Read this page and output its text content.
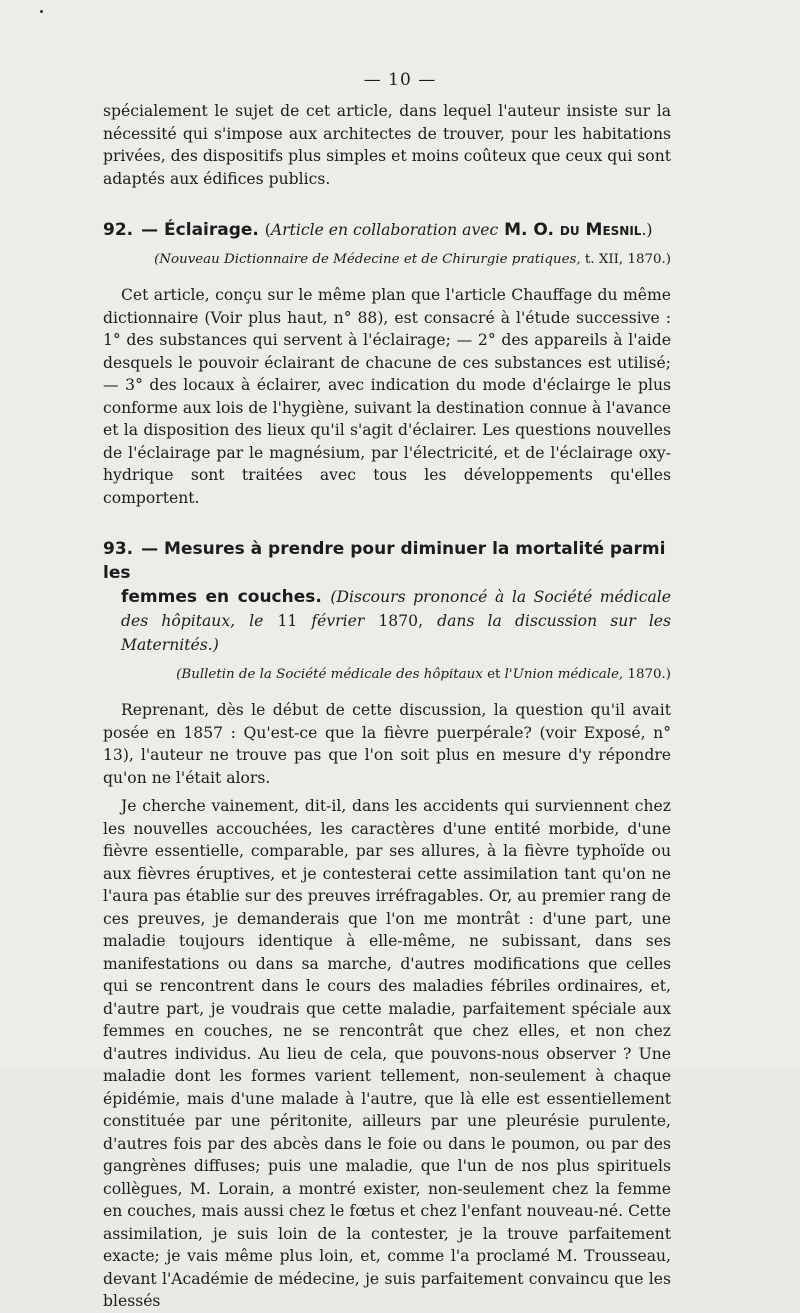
— 10 —

spécialement le sujet de cet article, dans lequel l'auteur insiste sur la nécessité qui s'impose aux architectes de trouver, pour les habitations privées, des dispositifs plus simples et moins coûteux que ceux qui sont adaptés aux édifices publics.

92. — Éclairage. (Article en collaboration avec M. O. du Mesnil.)
(Nouveau Dictionnaire de Médecine et de Chirurgie pratiques, t. XII, 1870.)

Cet article, conçu sur le même plan que l'article Chauffage du même dictionnaire (Voir plus haut, n° 88), est consacré à l'étude successive : 1° des substances qui servent à l'éclairage; — 2° des appareils à l'aide desquels le pouvoir éclairant de chacune de ces substances est utilisé; — 3° des locaux à éclairer, avec indication du mode d'éclairge le plus conforme aux lois de l'hygiène, suivant la destination connue à l'avance et la disposition des lieux qu'il s'agit d'éclairer. Les questions nouvelles de l'éclairage par le magnésium, par l'électricité, et de l'éclairage oxy-hydrique sont traitées avec tous les développements qu'elles comportent.

93. — Mesures à prendre pour diminuer la mortalité parmi les
femmes en couches. (Discours prononcé à la Société médicale des hôpitaux, le 11 février 1870, dans la discussion sur les Maternités.)
(Bulletin de la Société médicale des hôpitaux et l'Union médicale, 1870.)

Reprenant, dès le début de cette discussion, la question qu'il avait posée en 1857 : Qu'est-ce que la fièvre puerpérale? (voir Exposé, n° 13), l'auteur ne trouve pas que l'on soit plus en mesure d'y répondre qu'on ne l'était alors.

Je cherche vainement, dit-il, dans les accidents qui surviennent chez les nouvelles accouchées, les caractères d'une entité morbide, d'une fièvre essentielle, comparable, par ses allures, à la fièvre typhoïde ou aux fièvres éruptives, et je contesterai cette assimilation tant qu'on ne l'aura pas établie sur des preuves irréfragables. Or, au premier rang de ces preuves, je demanderais que l'on me montrât : d'une part, une maladie toujours identique à elle-même, ne subissant, dans ses manifestations ou dans sa marche, d'autres modifications que celles qui se rencontrent dans le cours des maladies fébriles ordinaires, et, d'autre part, je voudrais que cette maladie, parfaitement spéciale aux femmes en couches, ne se rencontrât que chez elles, et non chez d'autres individus. Au lieu de cela, que pouvons-nous observer ? Une maladie dont les formes varient tellement, non-seulement à chaque épidémie, mais d'une malade à l'autre, que là elle est essentiellement constituée par une péritonite, ailleurs par une pleurésie purulente, d'autres fois par des abcès dans le foie ou dans le poumon, ou par des gangrènes diffuses; puis une maladie, que l'un de nos plus spirituels collègues, M. Lorain, a montré exister, non-seulement chez la femme en couches, mais aussi chez le fœtus et chez l'enfant nouveau-né. Cette assimilation, je suis loin de la contester, je la trouve parfaitement exacte; je vais même plus loin, et, comme l'a proclamé M. Trousseau, devant l'Académie de médecine, je suis parfaitement convaincu que les blessés
